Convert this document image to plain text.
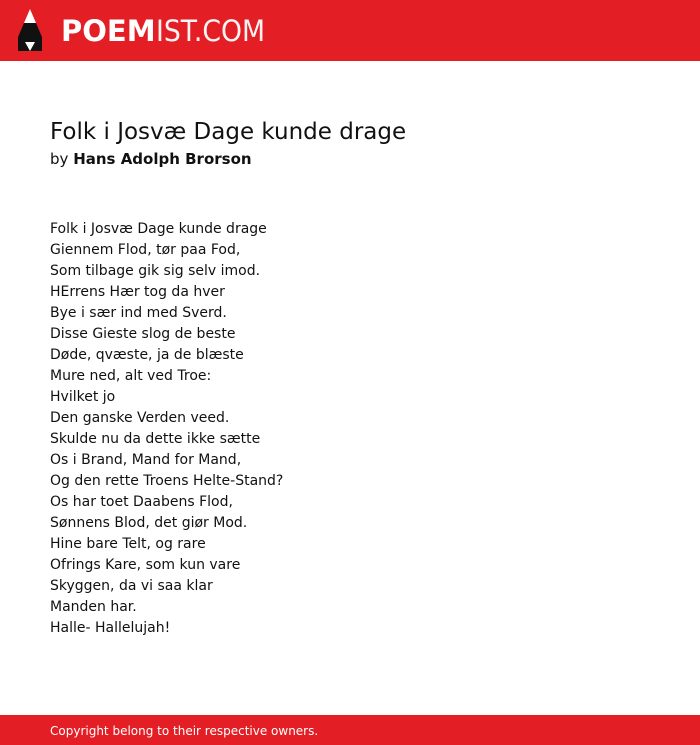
POEMIST.COM
Folk i Josvæ Dage kunde drage
by Hans Adolph Brorson
Folk i Josvæ Dage kunde drage
Giennem Flod, tør paa Fod,
Som tilbage gik sig selv imod.
HErrens Hær tog da hver
Bye i sær ind med Sverd.
Disse Gieste slog de beste
Døde, qvæste, ja de blæste
Mure ned, alt ved Troe:
Hvilket jo
Den ganske Verden veed.
Skulde nu da dette ikke sætte
Os i Brand, Mand for Mand,
Og den rette Troens Helte-Stand?
Os har toet Daabens Flod,
Sønnens Blod, det giør Mod.
Hine bare Telt, og rare
Ofrings Kare, som kun vare
Skyggen, da vi saa klar
Manden har.
Halle- Hallelujah!
Copyright belong to their respective owners.
